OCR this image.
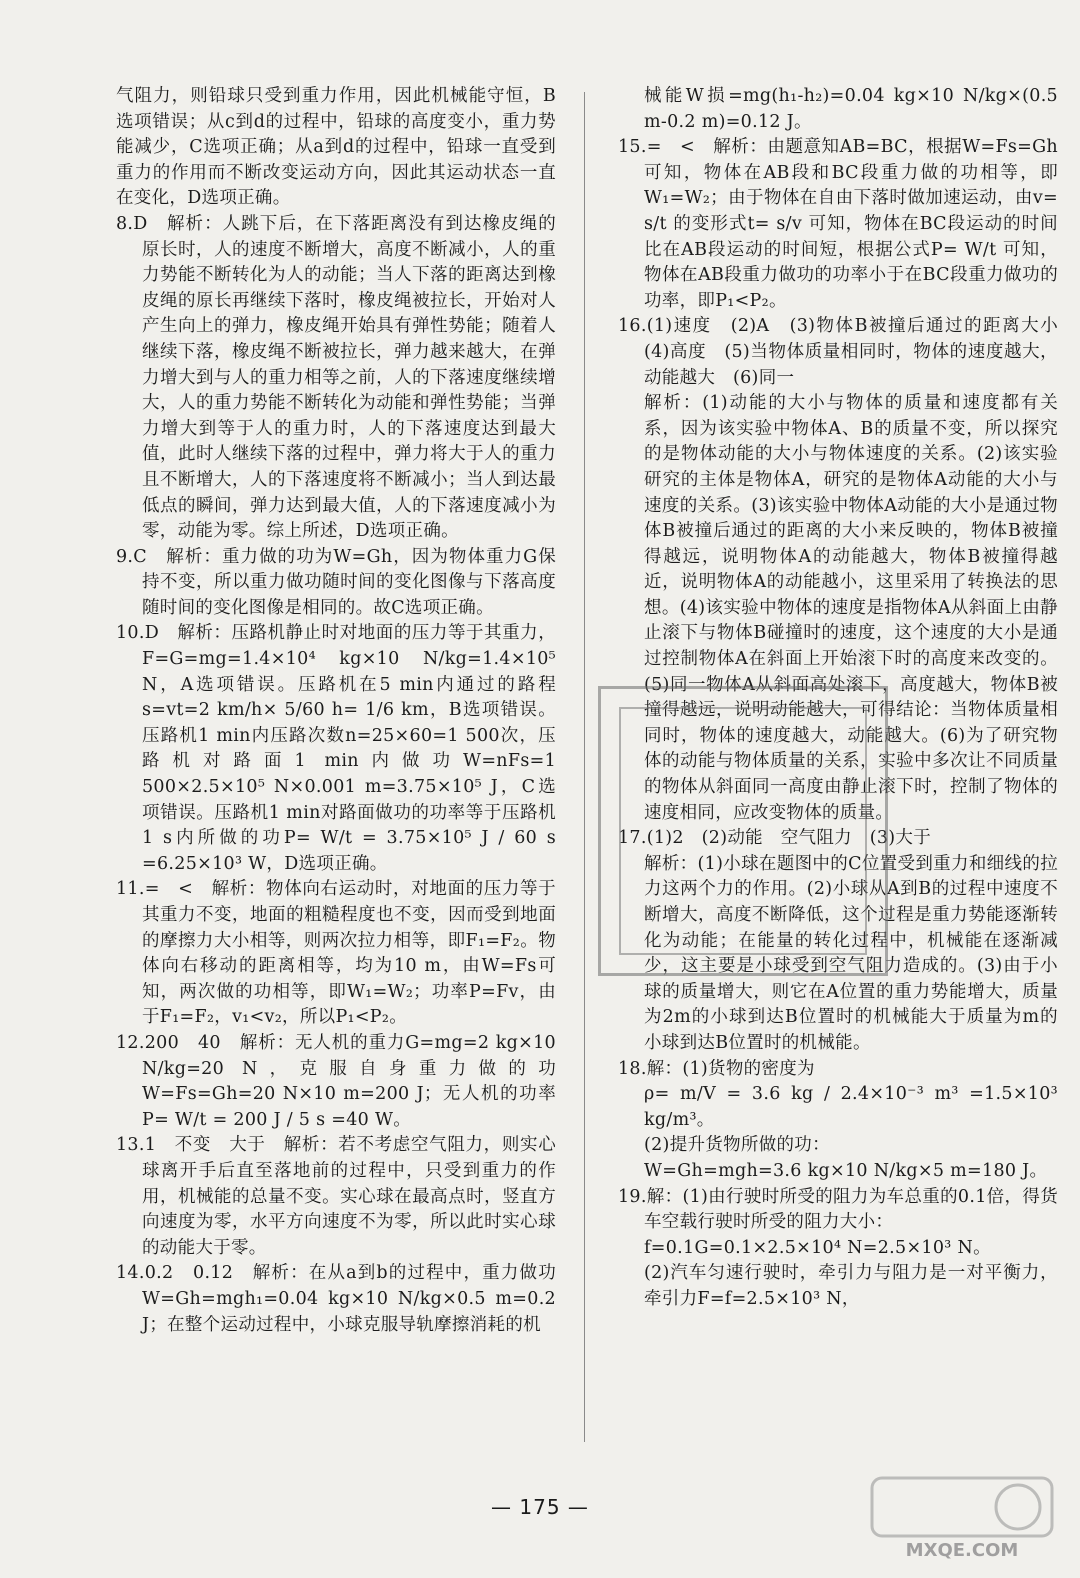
气阻力，则铅球只受到重力作用，因此机械能守恒，B选项错误；从c到d的过程中，铅球的高度变小，重力势能减少，C选项正确；从a到d的过程中，铅球一直受到重力的作用而不断改变运动方向，因此其运动状态一直在变化，D选项正确。

8.D　解析：人跳下后，在下落距离没有到达橡皮绳的原长时，人的速度不断增大，高度不断减小，人的重力势能不断转化为人的动能；当人下落的距离达到橡皮绳的原长再继续下落时，橡皮绳被拉长，开始对人产生向上的弹力，橡皮绳开始具有弹性势能；随着人继续下落，橡皮绳不断被拉长，弹力越来越大，在弹力增大到与人的重力相等之前，人的下落速度继续增大，人的重力势能不断转化为动能和弹性势能；当弹力增大到等于人的重力时，人的下落速度达到最大值，此时人继续下落的过程中，弹力将大于人的重力且不断增大，人的下落速度将不断减小；当人到达最低点的瞬间，弹力达到最大值，人的下落速度减小为零，动能为零。综上所述，D选项正确。

9.C　解析：重力做的功为W=Gh，因为物体重力G保持不变，所以重力做功随时间的变化图像与下落高度随时间的变化图像是相同的。故C选项正确。

10.D　解析：压路机静止时对地面的压力等于其重力，F=G=mg=1.4×10⁴ kg×10 N/kg=1.4×10⁵ N，A选项错误。压路机在5 min内通过的路程s=vt=2 km/h× 5/60 h= 1/6 km，B选项错误。压路机1 min内压路次数n=25×60=1 500次，压路机对路面1 min内做功W=nFs=1 500×2.5×10⁵ N×0.001 m=3.75×10⁵ J，C选项错误。压路机1 min对路面做功的功率等于压路机1 s内所做的功P= W/t = 3.75×10⁵ J / 60 s =6.25×10³ W，D选项正确。

11.=　<　解析：物体向右运动时，对地面的压力等于其重力不变，地面的粗糙程度也不变，因而受到地面的摩擦力大小相等，则两次拉力相等，即F₁=F₂。物体向右移动的距离相等，均为10 m，由W=Fs可知，两次做的功相等，即W₁=W₂；功率P=Fv，由于F₁=F₂，v₁<v₂，所以P₁<P₂。

12.200　40　解析：无人机的重力G=mg=2 kg×10 N/kg=20 N，克服自身重力做的功W=Fs=Gh=20 N×10 m=200 J；无人机的功率P= W/t = 200 J / 5 s =40 W。

13.1　不变　大于　解析：若不考虑空气阻力，则实心球离开手后直至落地前的过程中，只受到重力的作用，机械能的总量不变。实心球在最高点时，竖直方向速度为零，水平方向速度不为零，所以此时实心球的动能大于零。

14.0.2　0.12　解析：在从a到b的过程中，重力做功W=Gh=mgh₁=0.04 kg×10 N/kg×0.5 m=0.2 J；在整个运动过程中，小球克服导轨摩擦消耗的机

械能W损=mg(h₁-h₂)=0.04 kg×10 N/kg×(0.5 m-0.2 m)=0.12 J。

15.=　<　解析：由题意知AB=BC，根据W=Fs=Gh可知，物体在AB段和BC段重力做的功相等，即W₁=W₂；由于物体在自由下落时做加速运动，由v= s/t 的变形式t= s/v 可知，物体在BC段运动的时间比在AB段运动的时间短，根据公式P= W/t 可知，物体在AB段重力做功的功率小于在BC段重力做功的功率，即P₁<P₂。

16.(1)速度　(2)A　(3)物体B被撞后通过的距离大小　(4)高度　(5)当物体质量相同时，物体的速度越大，动能越大　(6)同一

解析：(1)动能的大小与物体的质量和速度都有关系，因为该实验中物体A、B的质量不变，所以探究的是物体动能的大小与物体速度的关系。(2)该实验研究的主体是物体A，研究的是物体A动能的大小与速度的关系。(3)该实验中物体A动能的大小是通过物体B被撞后通过的距离的大小来反映的，物体B被撞得越远，说明物体A的动能越大，物体B被撞得越近，说明物体A的动能越小，这里采用了转换法的思想。(4)该实验中物体的速度是指物体A从斜面上由静止滚下与物体B碰撞时的速度，这个速度的大小是通过控制物体A在斜面上开始滚下时的高度来改变的。(5)同一物体A从斜面高处滚下，高度越大，物体B被撞得越远，说明动能越大，可得结论：当物体质量相同时，物体的速度越大，动能越大。(6)为了研究物体的动能与物体质量的关系，实验中多次让不同质量的物体从斜面同一高度由静止滚下时，控制了物体的速度相同，应改变物体的质量。

17.(1)2　(2)动能　空气阻力　(3)大于

解析：(1)小球在题图中的C位置受到重力和细线的拉力这两个力的作用。(2)小球从A到B的过程中速度不断增大，高度不断降低，这个过程是重力势能逐渐转化为动能；在能量的转化过程中，机械能在逐渐减少，这主要是小球受到空气阻力造成的。(3)由于小球的质量增大，则它在A位置的重力势能增大，质量为2m的小球到达B位置时的机械能大于质量为m的小球到达B位置时的机械能。

18.解：(1)货物的密度为

ρ= m/V = 3.6 kg / 2.4×10⁻³ m³ =1.5×10³ kg/m³。

(2)提升货物所做的功：

W=Gh=mgh=3.6 kg×10 N/kg×5 m=180 J。

19.解：(1)由行驶时所受的阻力为车总重的0.1倍，得货车空载行驶时所受的阻力大小：

f=0.1G=0.1×2.5×10⁴ N=2.5×10³ N。

(2)汽车匀速行驶时，牵引力与阻力是一对平衡力，牵引力F=f=2.5×10³ N，

— 175 —
MXQE.COM
